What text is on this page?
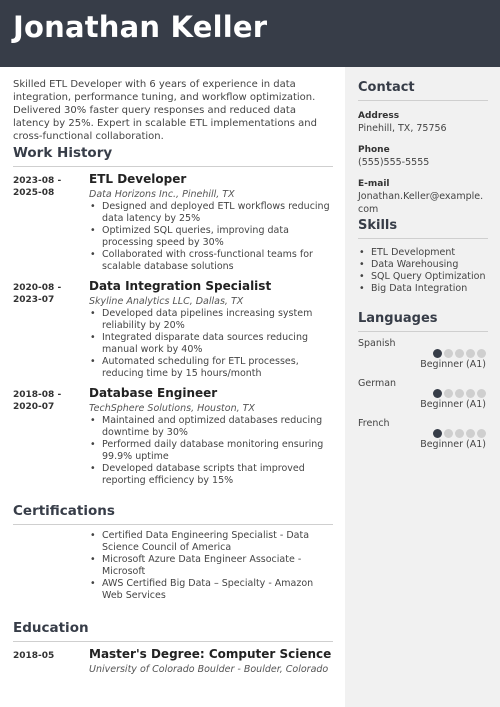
Jonathan Keller

Skilled ETL Developer with 6 years of experience in data integration, performance tuning, and workflow optimization. Delivered 30% faster query responses and reduced data latency by 25%. Expert in scalable ETL implementations and cross-functional collaboration.

Work History
2023-08 -
2025-08
ETL Developer
Data Horizons Inc., Pinehill, TX
• Designed and deployed ETL workflows reducing data latency by 25%
• Optimized SQL queries, improving data processing speed by 30%
• Collaborated with cross-functional teams for scalable database solutions
2020-08 -
2023-07
Data Integration Specialist
Skyline Analytics LLC, Dallas, TX
• Developed data pipelines increasing system reliability by 20%
• Integrated disparate data sources reducing manual work by 40%
• Automated scheduling for ETL processes, reducing time by 15 hours/month
2018-08 -
2020-07
Database Engineer
TechSphere Solutions, Houston, TX
• Maintained and optimized databases reducing downtime by 30%
• Performed daily database monitoring ensuring 99.9% uptime
• Developed database scripts that improved reporting efficiency by 15%
Certifications
• Certified Data Engineering Specialist - Data Science Council of America
• Microsoft Azure Data Engineer Associate - Microsoft
• AWS Certified Big Data – Specialty - Amazon Web Services
Education
2018-05	Master's Degree: Computer Science
University of Colorado Boulder - Boulder, Colorado
Contact
Address
Pinehill, TX, 75756
Phone
(555)555-5555
E-mail
Jonathan.Keller@example.
com
Skills
• ETL Development
• Data Warehousing
• SQL Query Optimization
• Big Data Integration
Languages
Spanish
Beginner (A1)
German
Beginner (A1)
French
Beginner (A1)
